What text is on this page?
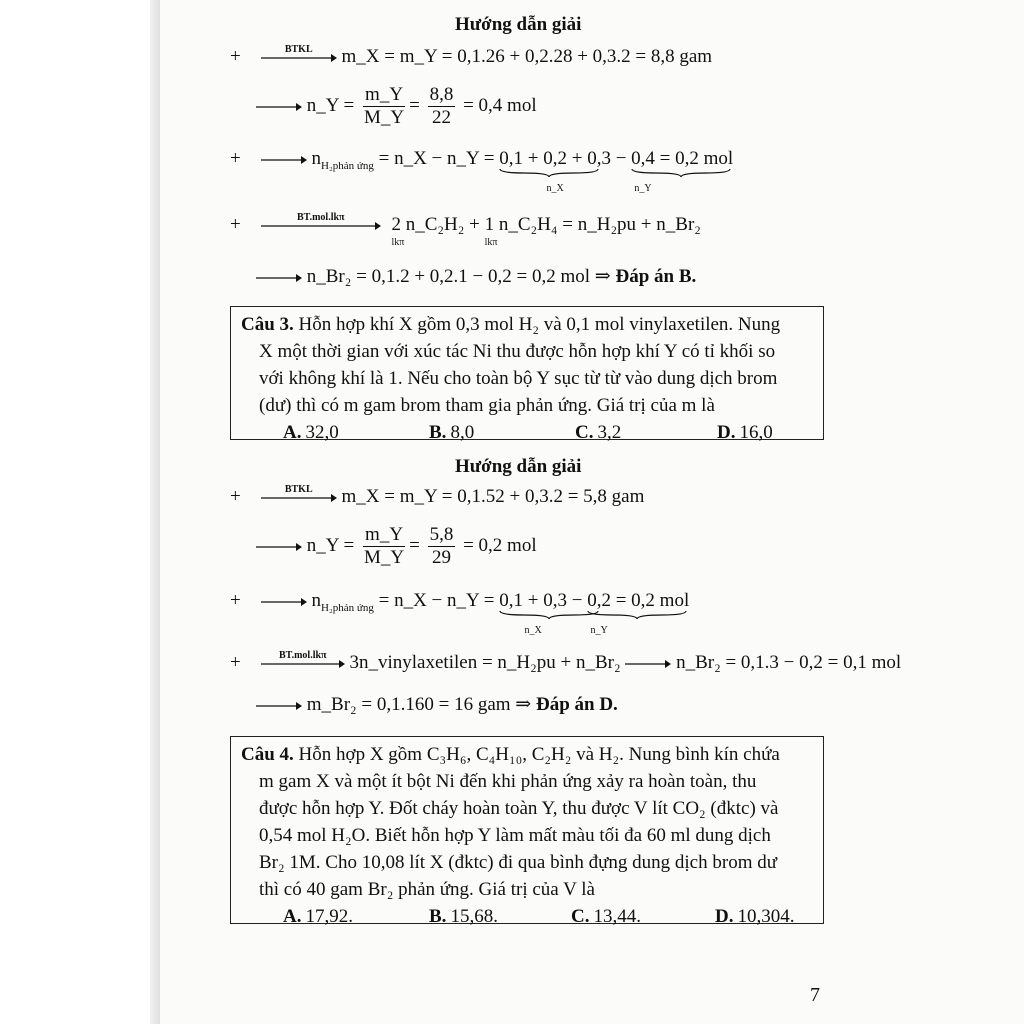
Hướng dẫn giải
+	BTKL	m_X = m_Y = 0,1.26 + 0,2.28 + 0,3.2 = 8,8 gam
n_Y = $\frac{m\_Y}{M\_Y} = \frac{8,8}{22} = 0,4$ mol
+	$n_{H_2phản ứng}$ = n_X − n_Y = 0,1 + 0,2 + 0,3
n_X
− 0,4
n_Y
= 0,2 mol
+	BT.mol.lkπ	2
lkπ
n_C₂H₂ + 1
lkπ
n_C₂H₄ = n_H₂pu + n_Br₂
n_Br₂ = 0,1.2 + 0,2.1 − 0,2 = 0,2 mol ⇒ Đáp án B.
Câu 3. Hỗn hợp khí X gồm 0,3 mol H₂ và 0,1 mol vinylaxetilen. Nung
X một thời gian với xúc tác Ni thu được hỗn hợp khí Y có tỉ khối so
với không khí là 1. Nếu cho toàn bộ Y sục từ từ vào dung dịch brom
(dư) thì có m gam brom tham gia phản ứng. Giá trị của m là
A. 32,0	B. 8,0	C. 3,2	D. 16,0
Hướng dẫn giải
+	BTKL	m_X = m_Y = 0,1.52 + 0,3.2 = 5,8 gam
n_Y = $\frac{m\_Y}{M\_Y} = \frac{5,8}{29} = 0,2$ mol
+	$n_{H_2phản ứng}$ = n_X − n_Y = 0,1 + 0,3
n_X
− 0,2
n_Y
= 0,2 mol
+	BT.mol.lkπ	3n_vinylaxetilen = n_H₂pu + n_Br₂	n_Br₂ = 0,1.3 − 0,2 = 0,1 mol
m_Br₂ = 0,1.160 = 16 gam ⇒ Đáp án D.
Câu 4. Hỗn hợp X gồm C₃H₆, C₄H₁₀, C₂H₂ và H₂. Nung bình kín chứa
m gam X và một ít bột Ni đến khi phản ứng xảy ra hoàn toàn, thu
được hỗn hợp Y. Đốt cháy hoàn toàn Y, thu được V lít CO₂ (đktc) và
0,54 mol H₂O. Biết hỗn hợp Y làm mất màu tối đa 60 ml dung dịch
Br₂ 1M. Cho 10,08 lít X (đktc) đi qua bình đựng dung dịch brom dư
thì có 40 gam Br₂ phản ứng. Giá trị của V là
A. 17,92.	B. 15,68.	C. 13,44.	D. 10,304.
7
